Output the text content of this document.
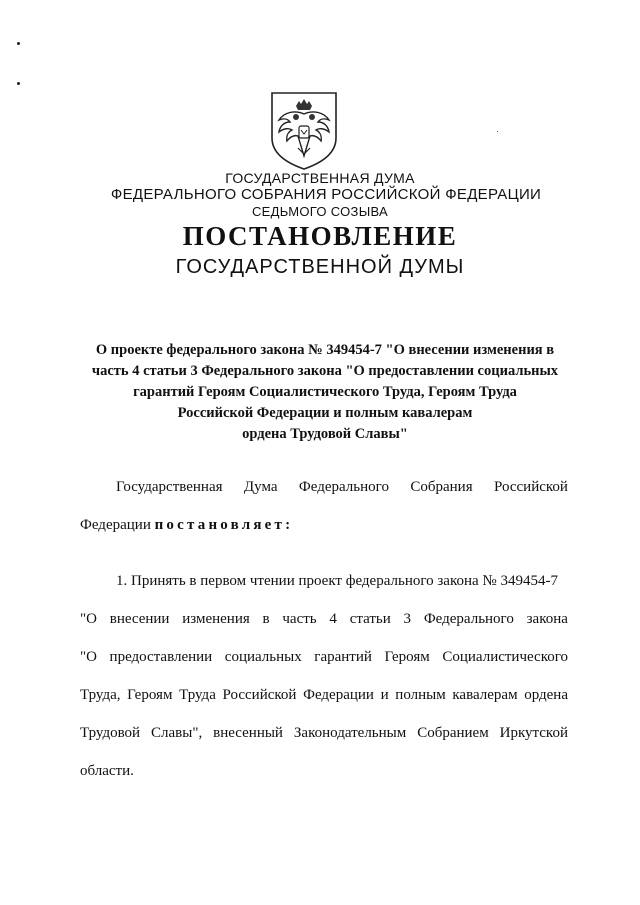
ГОСУДАРСТВЕННАЯ ДУМА
ФЕДЕРАЛЬНОГО СОБРАНИЯ РОССИЙСКОЙ ФЕДЕРАЦИИ
СЕДЬМОГО СОЗЫВА
ПОСТАНОВЛЕНИЕ
ГОСУДАРСТВЕННОЙ ДУМЫ
О проекте федерального закона № 349454-7 "О внесении изменения в
часть 4 статьи 3 Федерального закона "О предоставлении социальных
гарантий Героям Социалистического Труда, Героям Труда
Российской Федерации и полным кавалерам
ордена Трудовой Славы"
Государственная Дума Федерального Собрания Российской
Федерации постановляет:
1. Принять в первом чтении проект федерального закона № 349454-7
"О внесении изменения в часть 4 статьи 3 Федерального закона
"О предоставлении социальных гарантий Героям Социалистического
Труда, Героям Труда Российской Федерации и полным кавалерам ордена
Трудовой Славы", внесенный Законодательным Собранием Иркутской
области.
